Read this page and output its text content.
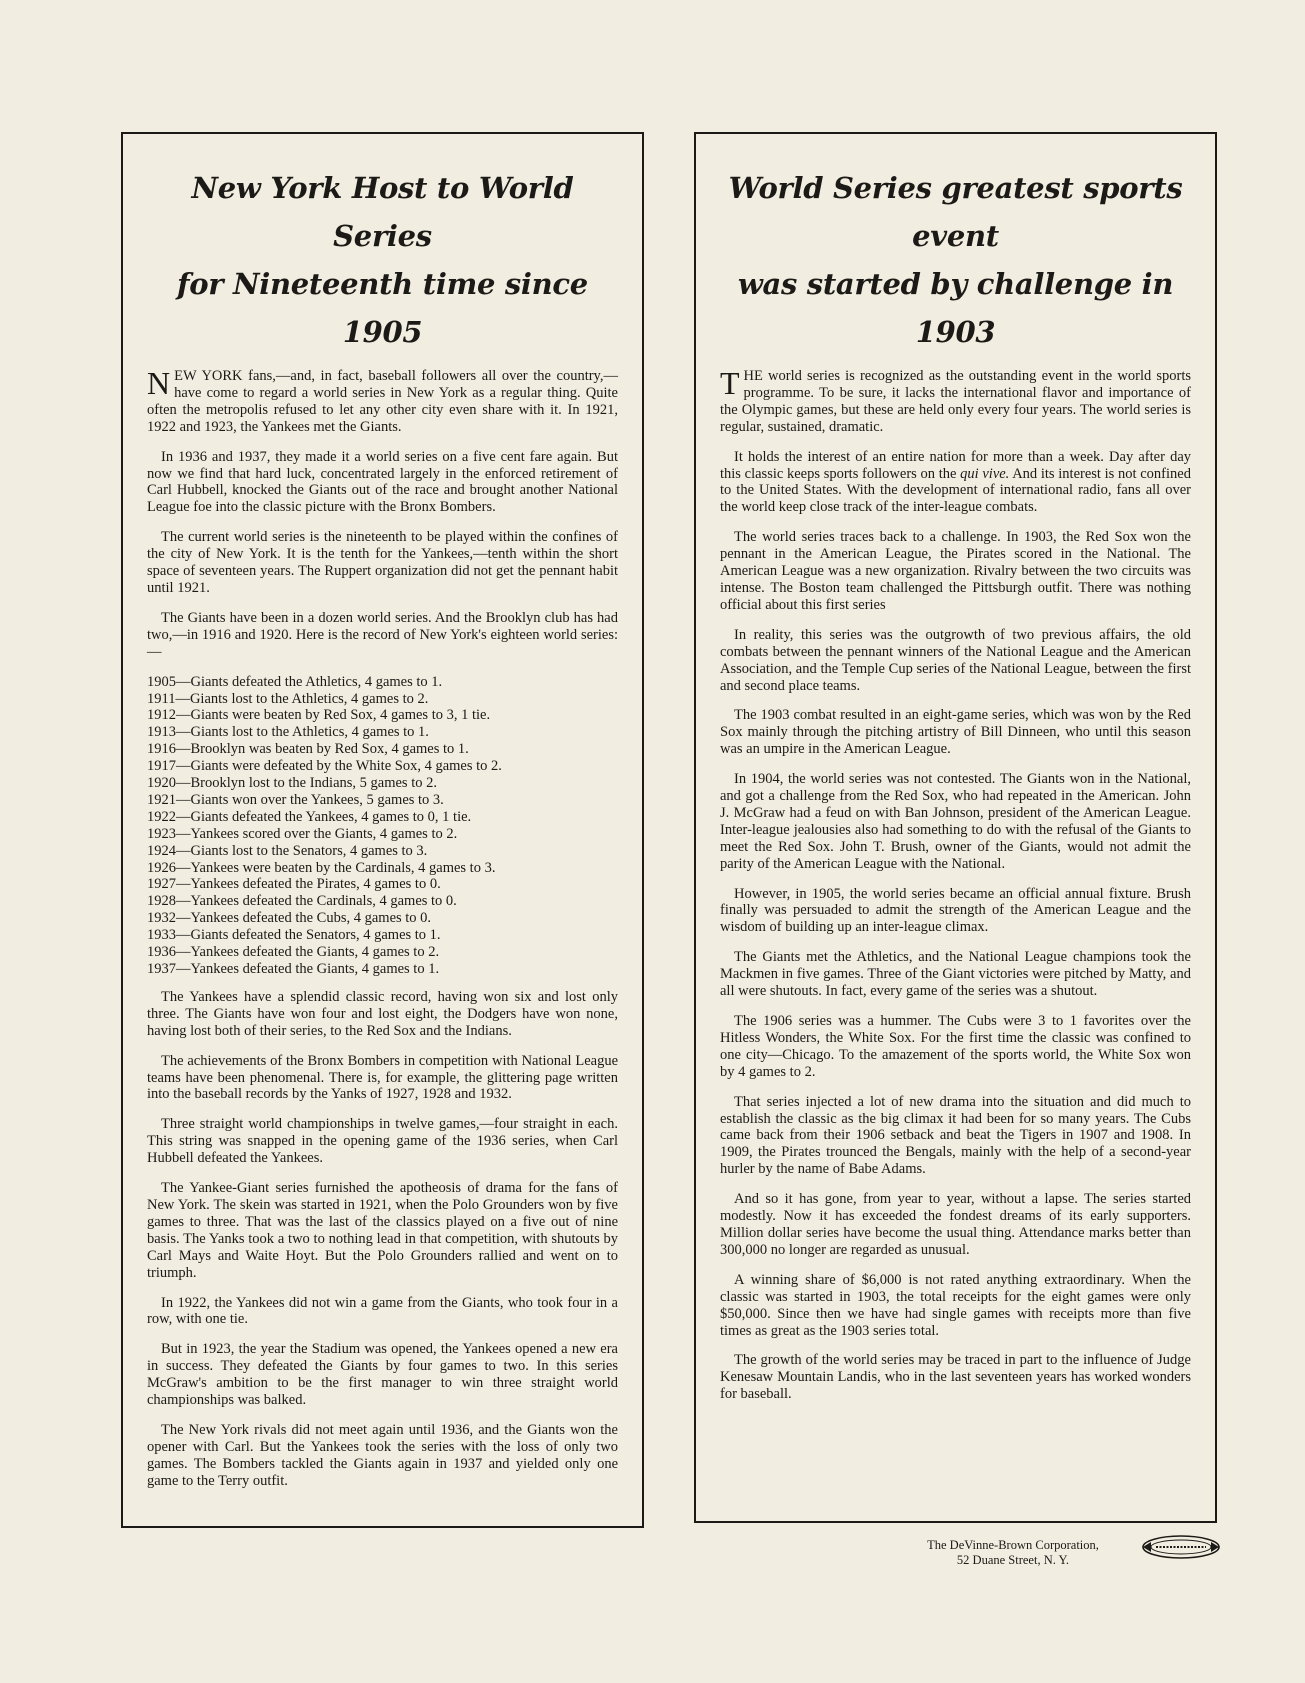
New York Host to World Series
for Nineteenth time since 1905

NEW YORK fans,—and, in fact, baseball followers all over the country,—have come to regard a world series in New York as a regular thing. Quite often the metropolis refused to let any other city even share with it. In 1921, 1922 and 1923, the Yankees met the Giants.

In 1936 and 1937, they made it a world series on a five cent fare again. But now we find that hard luck, concentrated largely in the enforced retirement of Carl Hubbell, knocked the Giants out of the race and brought another National League foe into the classic picture with the Bronx Bombers.

The current world series is the nineteenth to be played within the confines of the city of New York. It is the tenth for the Yankees,—tenth within the short space of seventeen years. The Ruppert organization did not get the pennant habit until 1921.

The Giants have been in a dozen world series. And the Brooklyn club has had two,—in 1916 and 1920. Here is the record of New York's eighteen world series:—

1905—Giants defeated the Athletics, 4 games to 1.
1911—Giants lost to the Athletics, 4 games to 2.
1912—Giants were beaten by Red Sox, 4 games to 3, 1 tie.
1913—Giants lost to the Athletics, 4 games to 1.
1916—Brooklyn was beaten by Red Sox, 4 games to 1.
1917—Giants were defeated by the White Sox, 4 games to 2.
1920—Brooklyn lost to the Indians, 5 games to 2.
1921—Giants won over the Yankees, 5 games to 3.
1922—Giants defeated the Yankees, 4 games to 0, 1 tie.
1923—Yankees scored over the Giants, 4 games to 2.
1924—Giants lost to the Senators, 4 games to 3.
1926—Yankees were beaten by the Cardinals, 4 games to 3.
1927—Yankees defeated the Pirates, 4 games to 0.
1928—Yankees defeated the Cardinals, 4 games to 0.
1932—Yankees defeated the Cubs, 4 games to 0.
1933—Giants defeated the Senators, 4 games to 1.
1936—Yankees defeated the Giants, 4 games to 2.
1937—Yankees defeated the Giants, 4 games to 1.

The Yankees have a splendid classic record, having won six and lost only three. The Giants have won four and lost eight, the Dodgers have won none, having lost both of their series, to the Red Sox and the Indians.

The achievements of the Bronx Bombers in competition with National League teams have been phenomenal. There is, for example, the glittering page written into the baseball records by the Yanks of 1927, 1928 and 1932.

Three straight world championships in twelve games,—four straight in each. This string was snapped in the opening game of the 1936 series, when Carl Hubbell defeated the Yankees.

The Yankee-Giant series furnished the apotheosis of drama for the fans of New York. The skein was started in 1921, when the Polo Grounders won by five games to three. That was the last of the classics played on a five out of nine basis. The Yanks took a two to nothing lead in that competition, with shutouts by Carl Mays and Waite Hoyt. But the Polo Grounders rallied and went on to triumph.

In 1922, the Yankees did not win a game from the Giants, who took four in a row, with one tie.

But in 1923, the year the Stadium was opened, the Yankees opened a new era in success. They defeated the Giants by four games to two. In this series McGraw's ambition to be the first manager to win three straight world championships was balked.

The New York rivals did not meet again until 1936, and the Giants won the opener with Carl. But the Yankees took the series with the loss of only two games. The Bombers tackled the Giants again in 1937 and yielded only one game to the Terry outfit.

World Series greatest sports event
was started by challenge in 1903

THE world series is recognized as the outstanding event in the world sports programme. To be sure, it lacks the international flavor and importance of the Olympic games, but these are held only every four years. The world series is regular, sustained, dramatic.

It holds the interest of an entire nation for more than a week. Day after day this classic keeps sports followers on the qui vive. And its interest is not confined to the United States. With the development of international radio, fans all over the world keep close track of the inter-league combats.

The world series traces back to a challenge. In 1903, the Red Sox won the pennant in the American League, the Pirates scored in the National. The American League was a new organization. Rivalry between the two circuits was intense. The Boston team challenged the Pittsburgh outfit. There was nothing official about this first series

In reality, this series was the outgrowth of two previous affairs, the old combats between the pennant winners of the National League and the American Association, and the Temple Cup series of the National League, between the first and second place teams.

The 1903 combat resulted in an eight-game series, which was won by the Red Sox mainly through the pitching artistry of Bill Dinneen, who until this season was an umpire in the American League.

In 1904, the world series was not contested. The Giants won in the National, and got a challenge from the Red Sox, who had repeated in the American. John J. McGraw had a feud on with Ban Johnson, president of the American League. Inter-league jealousies also had something to do with the refusal of the Giants to meet the Red Sox. John T. Brush, owner of the Giants, would not admit the parity of the American League with the National.

However, in 1905, the world series became an official annual fixture. Brush finally was persuaded to admit the strength of the American League and the wisdom of building up an inter-league climax.

The Giants met the Athletics, and the National League champions took the Mackmen in five games. Three of the Giant victories were pitched by Matty, and all were shutouts. In fact, every game of the series was a shutout.

The 1906 series was a hummer. The Cubs were 3 to 1 favorites over the Hitless Wonders, the White Sox. For the first time the classic was confined to one city—Chicago. To the amazement of the sports world, the White Sox won by 4 games to 2.

That series injected a lot of new drama into the situation and did much to establish the classic as the big climax it had been for so many years. The Cubs came back from their 1906 setback and beat the Tigers in 1907 and 1908. In 1909, the Pirates trounced the Bengals, mainly with the help of a second-year hurler by the name of Babe Adams.

And so it has gone, from year to year, without a lapse. The series started modestly. Now it has exceeded the fondest dreams of its early supporters. Million dollar series have become the usual thing. Attendance marks better than 300,000 no longer are regarded as unusual.

A winning share of $6,000 is not rated anything extraordinary. When the classic was started in 1903, the total receipts for the eight games were only $50,000. Since then we have had single games with receipts more than five times as great as the 1903 series total.

The growth of the world series may be traced in part to the influence of Judge Kenesaw Mountain Landis, who in the last seventeen years has worked wonders for baseball.

The DeVinne-Brown Corporation,
52 Duane Street, N. Y.
